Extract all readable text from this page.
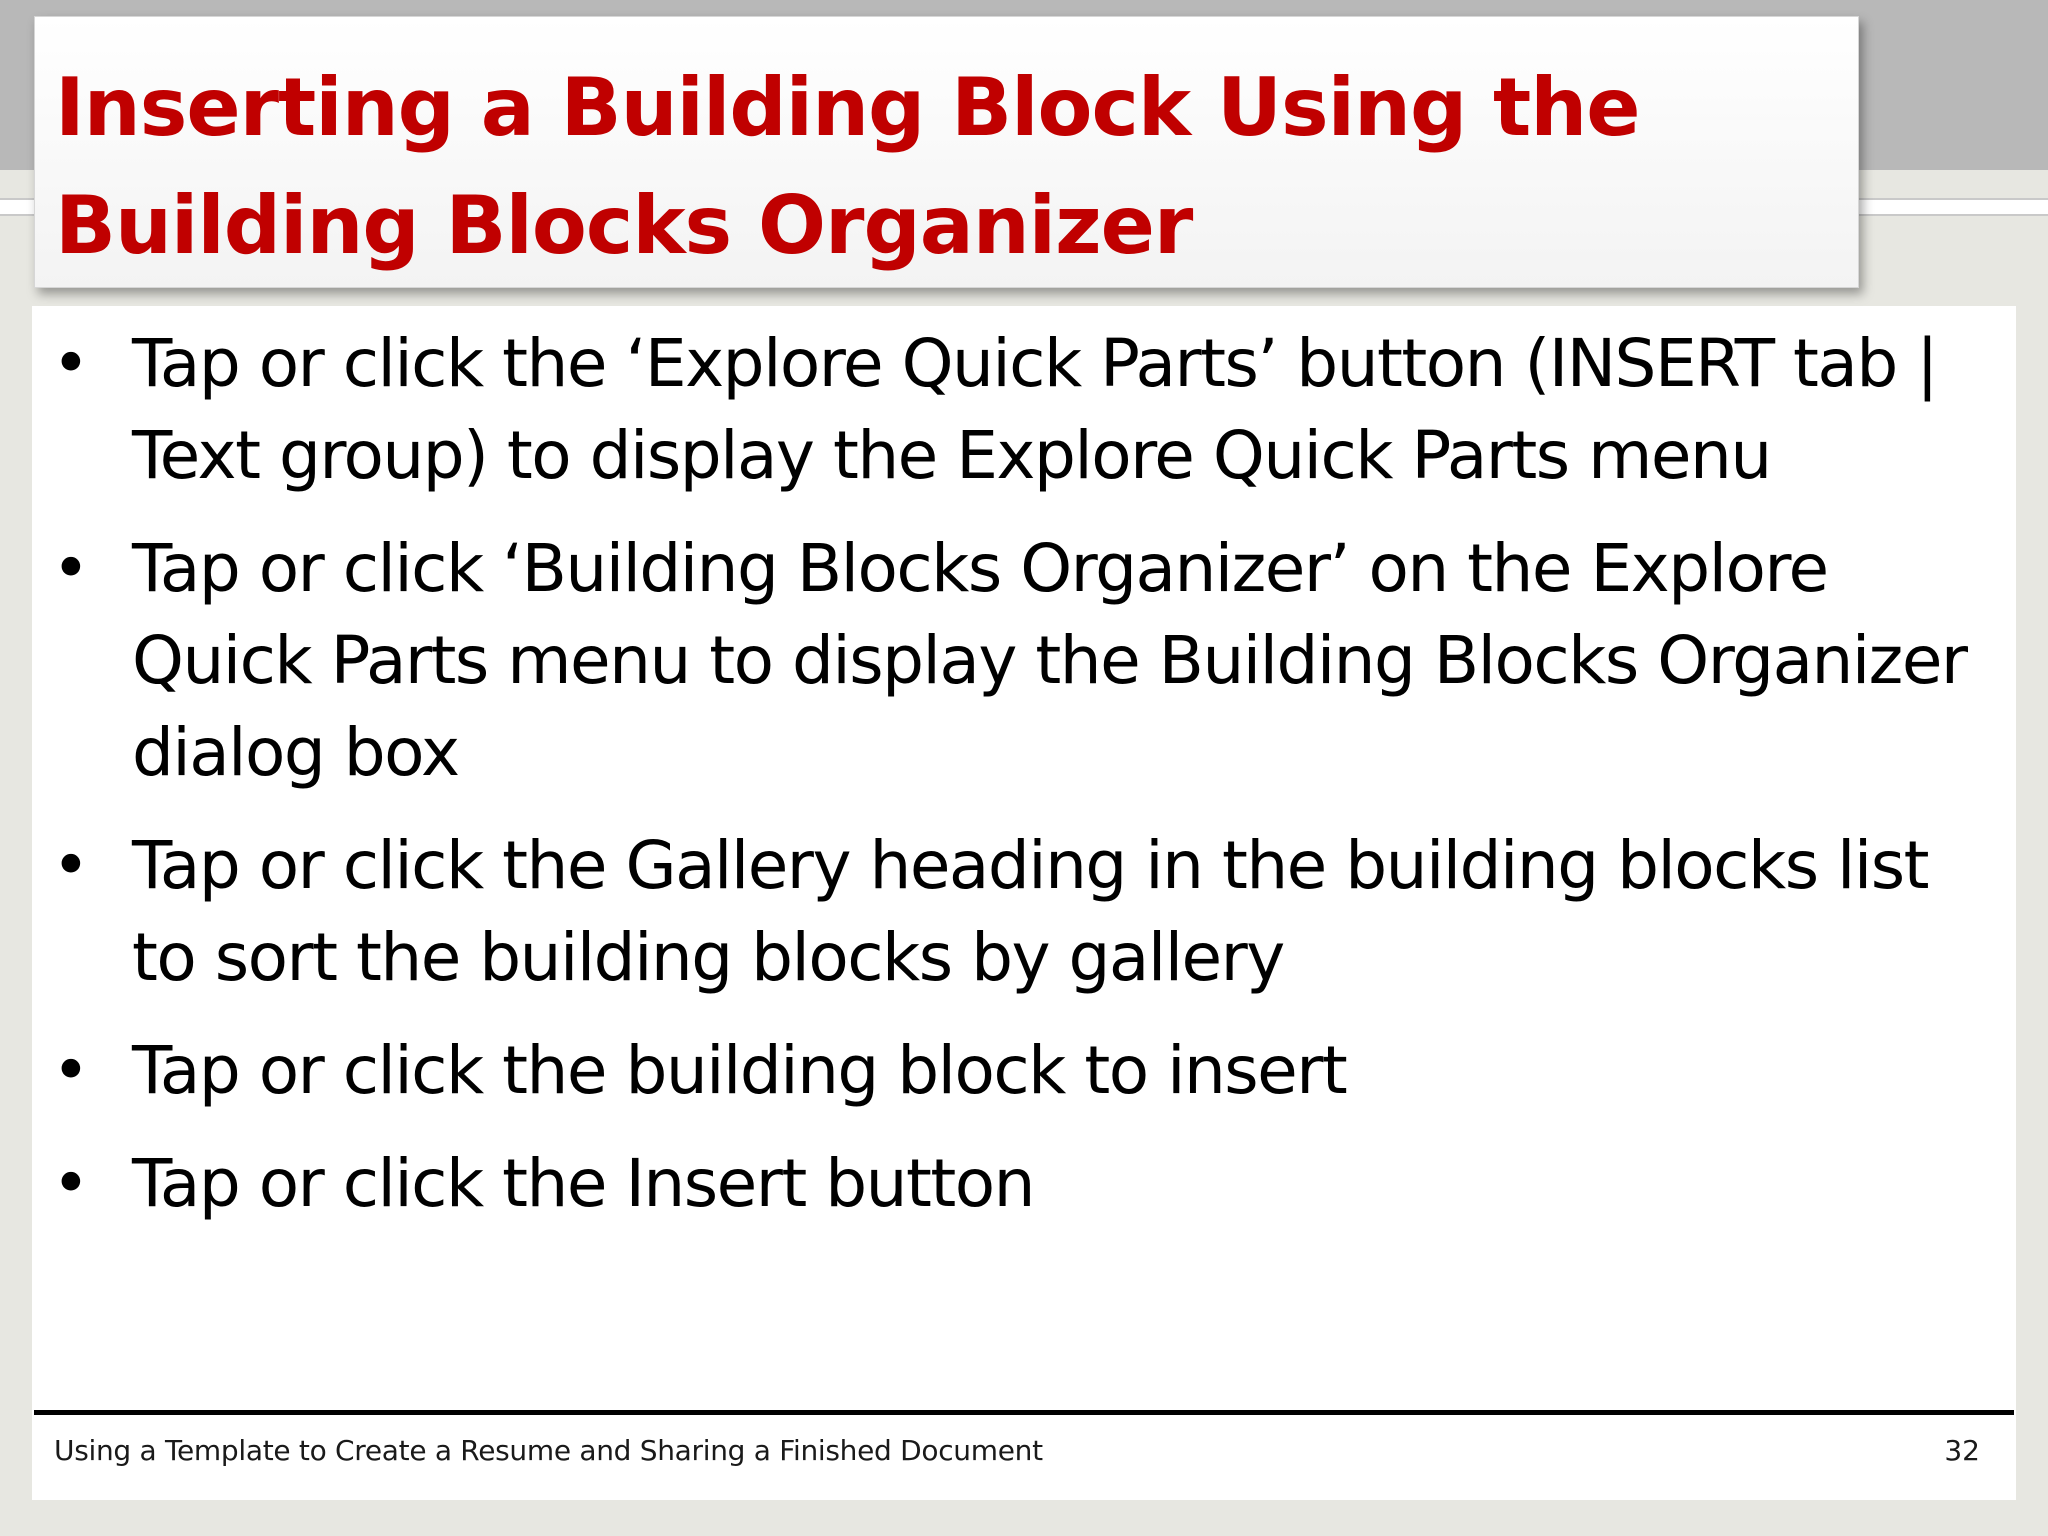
Inserting a Building Block Using the Building Blocks Organizer
• Tap or click the ‘Explore Quick Parts’ button (INSERT tab | Text group) to display the Explore Quick Parts menu
• Tap or click ‘Building Blocks Organizer’ on the Explore Quick Parts menu to display the Building Blocks Organizer dialog box
• Tap or click the Gallery heading in the building blocks list to sort the building blocks by gallery
• Tap or click the building block to insert
• Tap or click the Insert button
Using a Template to Create a Resume and Sharing a Finished Document	32
